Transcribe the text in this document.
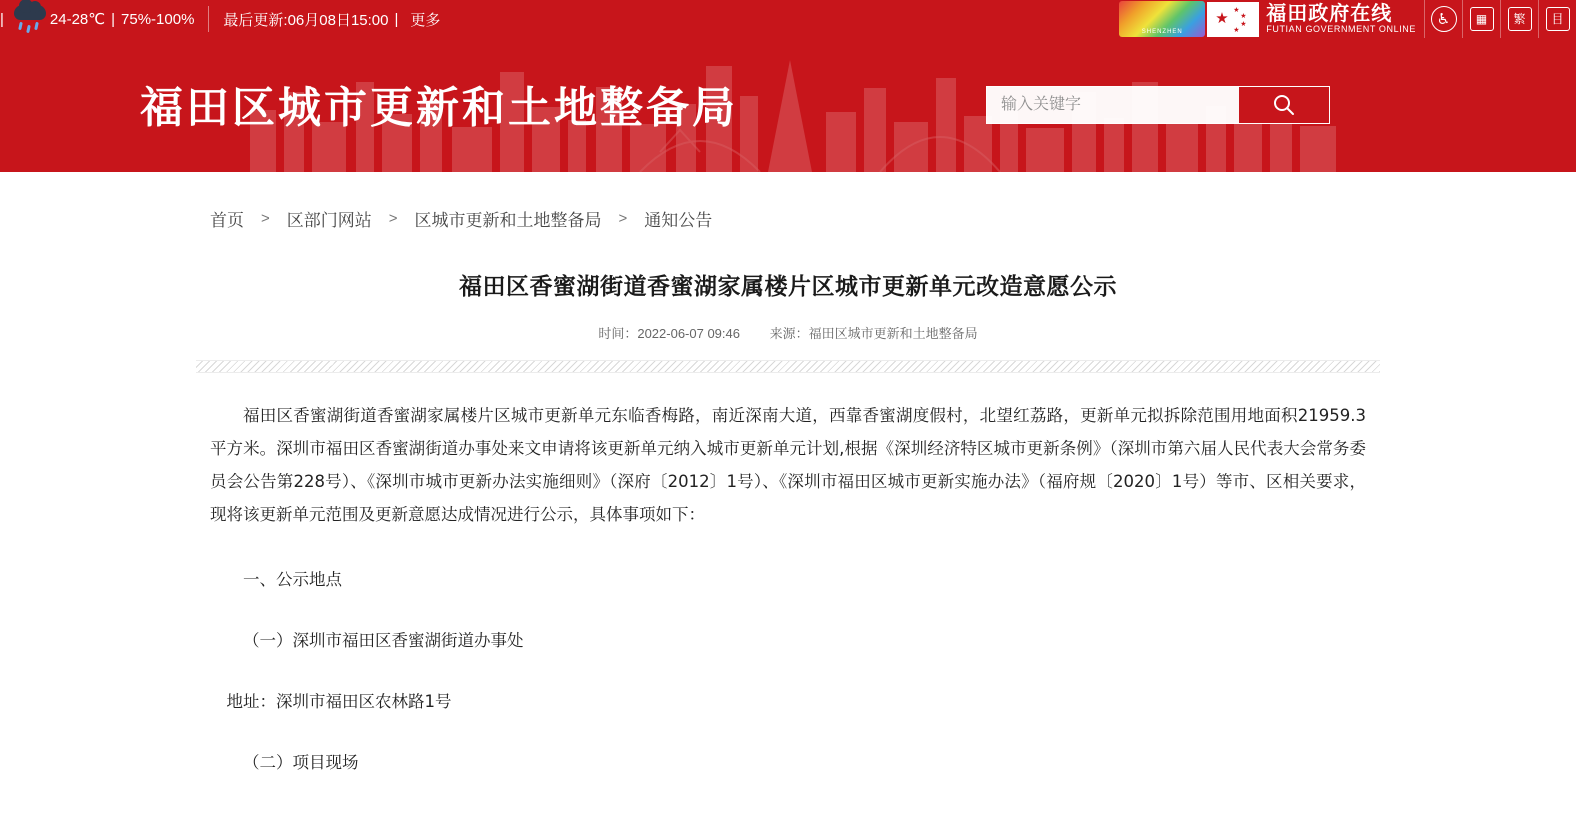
|	24-28℃ | 75%-100% 最后更新:06月08日15:00 | 更多
SHENZHEN
★ ★
★
★
★
福田政府在线
FUTIAN GOVERNMENT ONLINE
♿	▦	繁	目
福田区城市更新和土地整备局
输入关键字
首页 > 区部门网站 > 区城市更新和土地整备局 > 通知公告
福田区香蜜湖街道香蜜湖家属楼片区城市更新单元改造意愿公示
时间：2022-06-07 09:46 来源：福田区城市更新和土地整备局

福田区香蜜湖街道香蜜湖家属楼片区城市更新单元东临香梅路，南近深南大道，西靠香蜜湖度假村，北望红荔路，更新单元拟拆除范围用地面积21959.3平方米。深圳市福田区香蜜湖街道办事处来文申请将该更新单元纳入城市更新单元计划,根据《深圳经济特区城市更新条例》（深圳市第六届人民代表大会常务委员会公告第228号）、《深圳市城市更新办法实施细则》（深府〔2012〕1号）、《深圳市福田区城市更新实施办法》（福府规〔2020〕1号）等市、区相关要求，现将该更新单元范围及更新意愿达成情况进行公示，具体事项如下：

一、公示地点

（一）深圳市福田区香蜜湖街道办事处

地址：深圳市福田区农林路1号

（二）项目现场
